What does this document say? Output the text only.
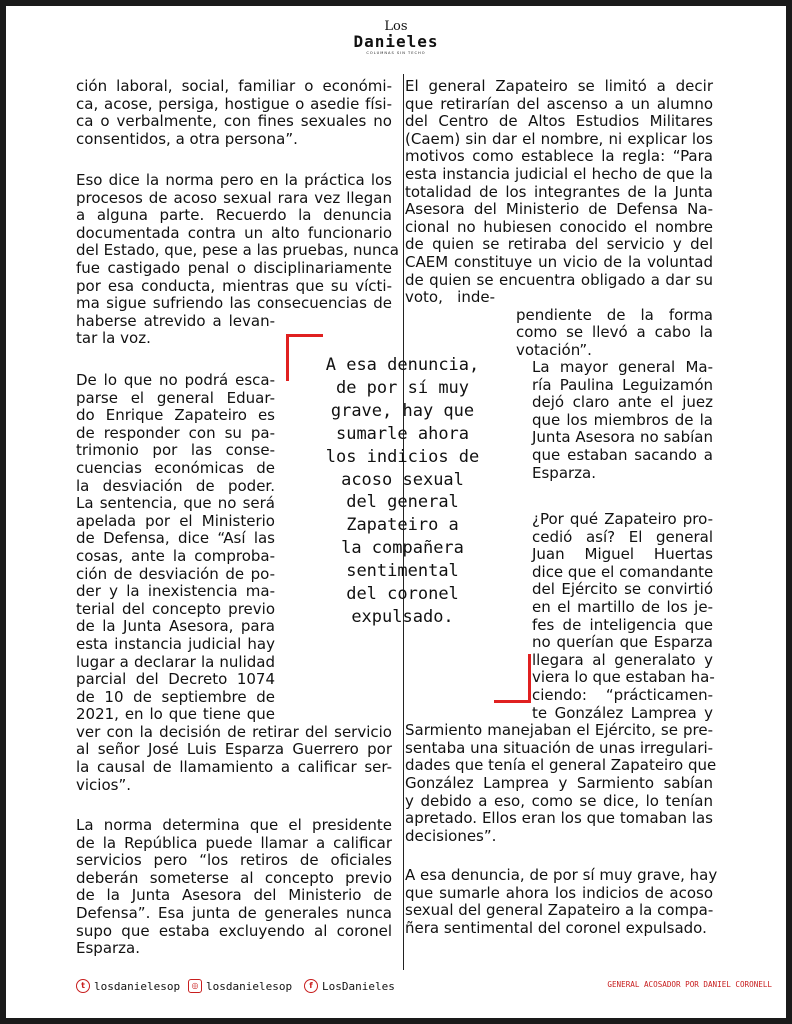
Los
Danieles
COLUMNAS SIN TECHO
ción laboral, social, familiar o económi-
ca, acose, persiga, hostigue o asedie físi-
ca o verbalmente, con fines sexuales no
consentidos, a otra persona”.
Eso dice la norma pero en la práctica los
procesos de acoso sexual rara vez llegan
a alguna parte. Recuerdo la denuncia
documentada contra un alto funcionario
del Estado, que, pese a las pruebas, nunca
fue castigado penal o disciplinariamente
por esa conducta, mientras que su vícti-
ma sigue sufriendo las consecuencias de
haberse atrevido a levan-
tar la voz.
De lo que no podrá esca-
parse el general Eduar-
do Enrique Zapateiro es
de responder con su pa-
trimonio por las conse-
cuencias económicas de
la desviación de poder.
La sentencia, que no será
apelada por el Ministerio
de Defensa, dice “Así las
cosas, ante la comproba-
ción de desviación de po-
der y la inexistencia ma-
terial del concepto previo
de la Junta Asesora, para
esta instancia judicial hay
lugar a declarar la nulidad
parcial del Decreto 1074
de 10 de septiembre de
2021, en lo que tiene que
ver con la decisión de retirar del servicio
al señor José Luis Esparza Guerrero por
la causal de llamamiento a calificar ser-
vicios”.
La norma determina que el presidente
de la República puede llamar a calificar
servicios pero “los retiros de oficiales
deberán someterse al concepto previo
de la Junta Asesora del Ministerio de
Defensa”. Esa junta de generales nunca
supo que estaba excluyendo al coronel
Esparza.
El general Zapateiro se limitó a decir
que retirarían del ascenso a un alumno
del Centro de Altos Estudios Militares
(Caem) sin dar el nombre, ni explicar los
motivos como establece la regla: “Para
esta instancia judicial el hecho de que la
totalidad de los integrantes de la Junta
Asesora del Ministerio de Defensa Na-
cional no hubiesen conocido el nombre
de quien se retiraba del servicio y del
CAEM constituye un vicio de la voluntad
de quien se encuentra obligado a dar su
voto, inde-
pendiente de la forma
como se llevó a cabo la
votación”.
La mayor general Ma-
ría Paulina Leguizamón
dejó claro ante el juez
que los miembros de la
Junta Asesora no sabían
que estaban sacando a
Esparza.
¿Por qué Zapateiro pro-
cedió así? El general
Juan Miguel Huertas
dice que el comandante
del Ejército se convirtió
en el martillo de los je-
fes de inteligencia que
no querían que Esparza
llegara al generalato y
viera lo que estaban ha-
ciendo: “prácticamen-
te González Lamprea y
Sarmiento manejaban el Ejército, se pre-
sentaba una situación de unas irregulari-
dades que tenía el general Zapateiro que
González Lamprea y Sarmiento sabían
y debido a eso, como se dice, lo tenían
apretado. Ellos eran los que tomaban las
decisiones”.
A esa denuncia, de por sí muy grave, hay
que sumarle ahora los indicios de acoso
sexual del general Zapateiro a la compa-
ñera sentimental del coronel expulsado.
A esa denuncia,
de por sí muy
grave, hay que
sumarle ahora
los indicios de
acoso sexual
del general
Zapateiro a
la compañera
sentimental
del coronel
expulsado.
t losdanielesop	◎ losdanielesop	f LosDanieles	GENERAL ACOSADOR POR DANIEL CORONELL
